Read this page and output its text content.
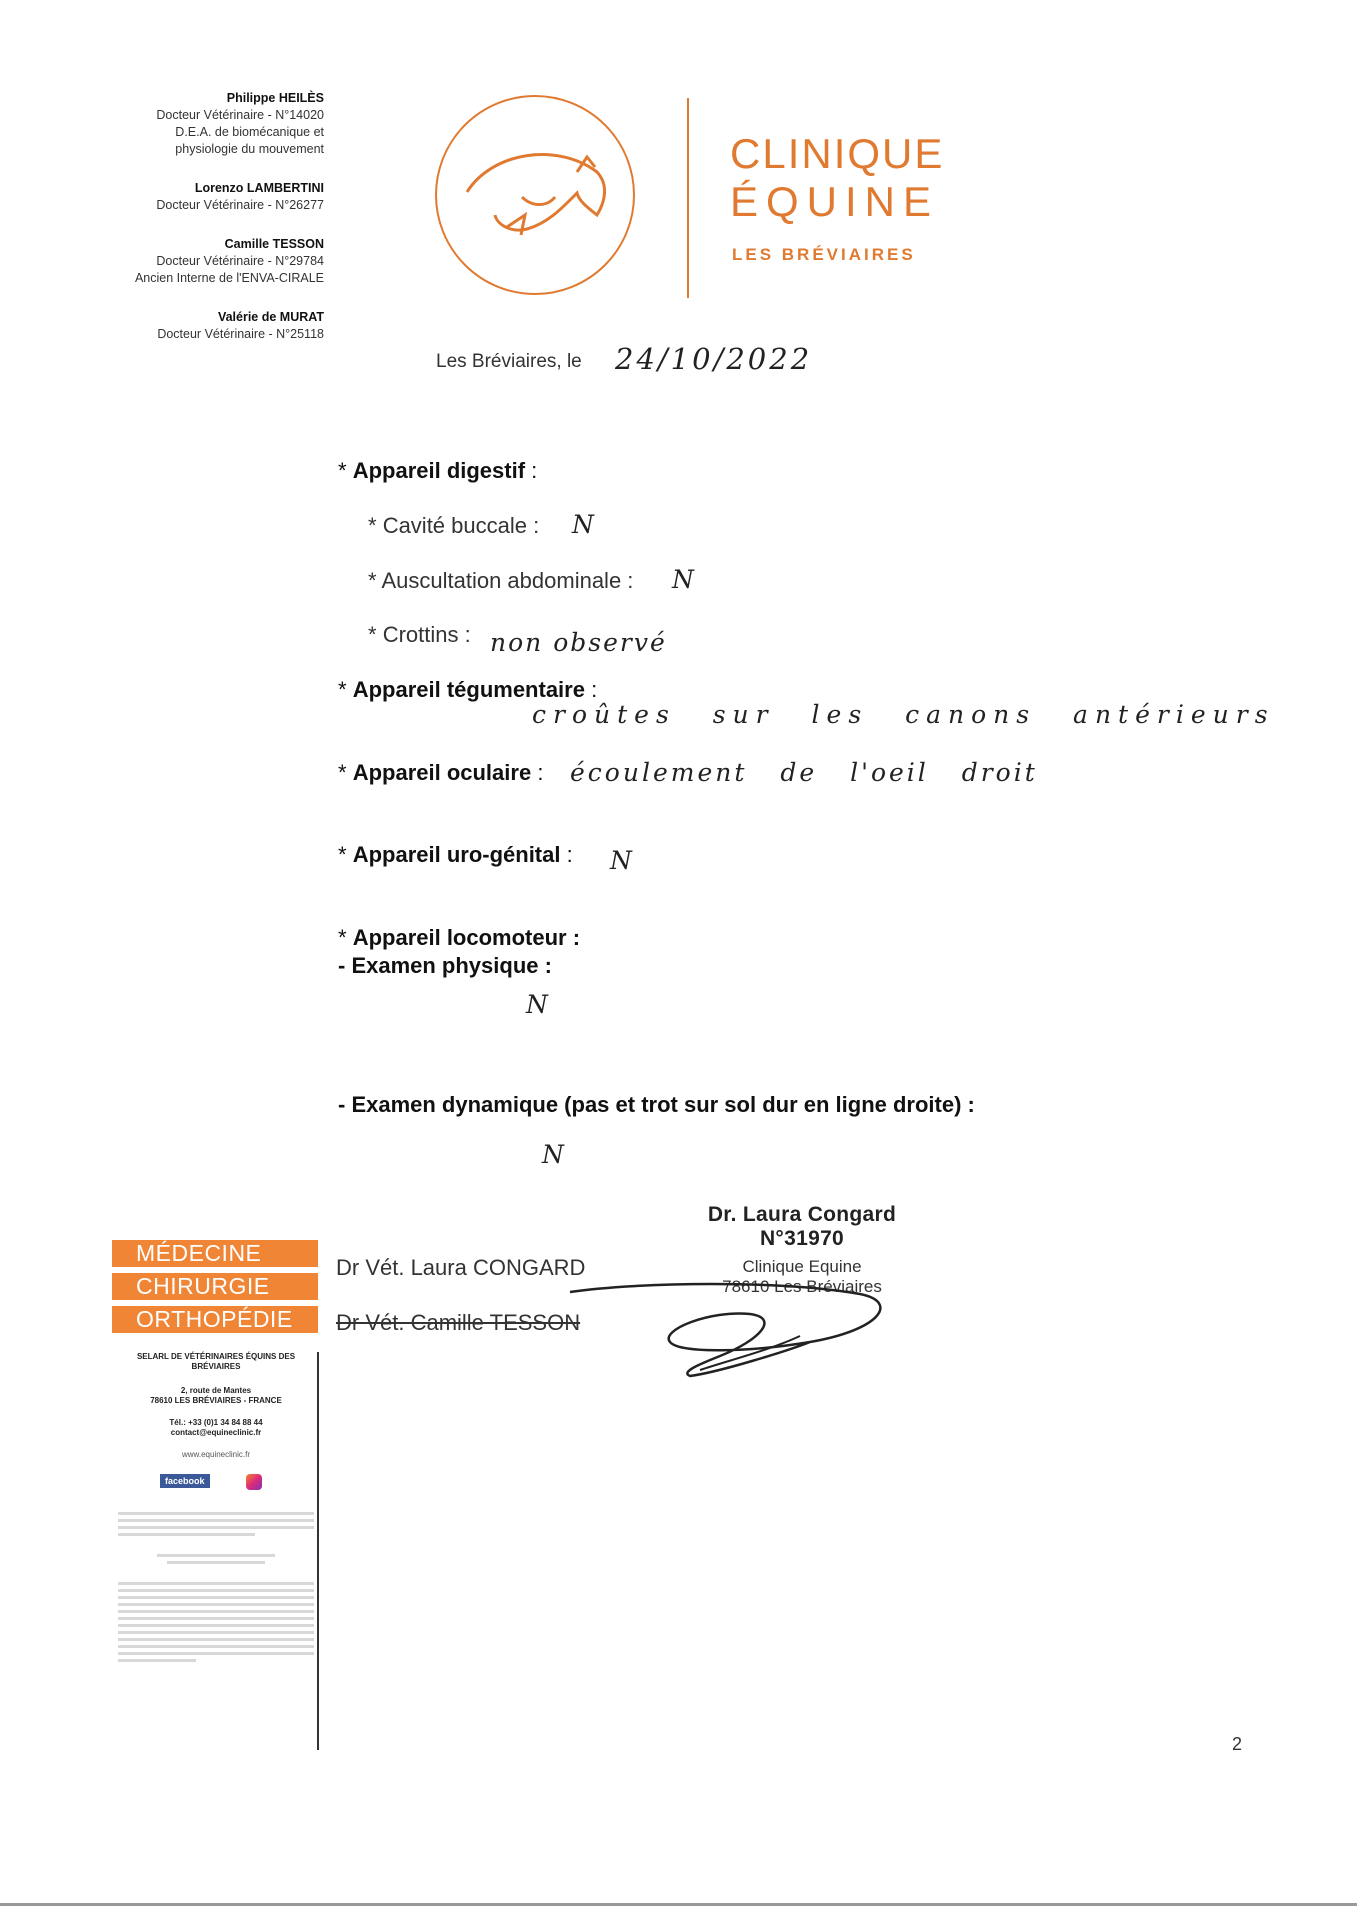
Philippe HEILÈS
Docteur Vétérinaire - N°14020
D.E.A. de biomécanique et
physiologie du mouvement
Lorenzo LAMBERTINI
Docteur Vétérinaire - N°26277
Camille TESSON
Docteur Vétérinaire - N°29784
Ancien Interne de l'ENVA-CIRALE
Valérie de MURAT
Docteur Vétérinaire - N°25118
CLINIQUE
ÉQUINE
LES BRÉVIAIRES
Les Bréviaires, le 24/10/2022
* Appareil digestif :
* Cavité buccale : N
* Auscultation abdominale : N
* Crottins : non observé
* Appareil tégumentaire :
croûtes sur les canons antérieurs
* Appareil oculaire : écoulement de l'oeil droit
* Appareil uro-génital : N
* Appareil locomoteur :
- Examen physique :
N
- Examen dynamique (pas et trot sur sol dur en ligne droite) :
N
MÉDECINE
CHIRURGIE
ORTHOPÉDIE
Dr Vét. Laura CONGARD
Dr Vét. Camille TESSON
Dr. Laura Congard N°31970
Clinique Equine
78610 Les Bréviaires
SELARL DE VÉTÉRINAIRES ÉQUINS DES BRÉVIAIRES
2, route de Mantes
78610 LES BRÉVIAIRES - FRANCE
Tél.: +33 (0)1 34 84 88 44
contact@equineclinic.fr
www.equineclinic.fr
facebook
2
